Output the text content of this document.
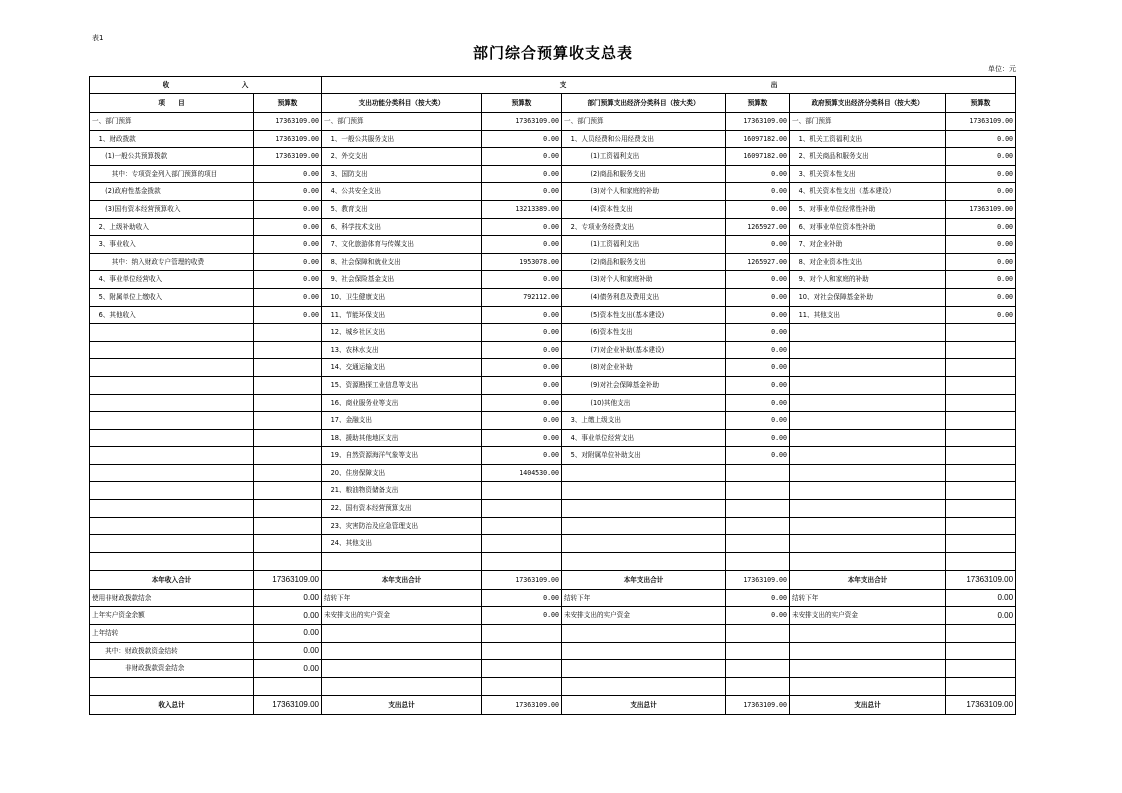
表1
部门综合预算收支总表
单位：元
收　　　　　　　　　　　入		支　　　　　　　　　　　　　　　　　　　　　　　　　　　　　　　出					
项　　目	预算数	支出功能分类科目（按大类）	预算数	部门预算支出经济分类科目（按大类）	预算数	政府预算支出经济分类科目（按大类）	预算数
一、部门预算	17363109.00	一、部门预算	17363109.00	一、部门预算	17363109.00	一、部门预算	17363109.00
　1、财政拨款	17363109.00	　1、一般公共服务支出	0.00	　1、人员经费和公用经费支出	16097182.00	　1、机关工资福利支出	0.00
　　(1)一般公共预算拨款	17363109.00	　2、外交支出	0.00	　　　　(1)工资福利支出	16097182.00	　2、机关商品和服务支出	0.00
　　　其中：专项资金列入部门预算的项目	0.00	　3、国防支出	0.00	　　　　(2)商品和服务支出	0.00	　3、机关资本性支出	0.00
　　(2)政府性基金拨款	0.00	　4、公共安全支出	0.00	　　　　(3)对个人和家庭的补助	0.00	　4、机关资本性支出（基本建设）	0.00
　　(3)国有资本经营预算收入	0.00	　5、教育支出	13213389.00	　　　　(4)资本性支出	0.00	　5、对事业单位经常性补助	17363109.00
　2、上级补助收入	0.00	　6、科学技术支出	0.00	　2、专项业务经费支出	1265927.00	　6、对事业单位资本性补助	0.00
　3、事业收入	0.00	　7、文化旅游体育与传媒支出	0.00	　　　　(1)工资福利支出	0.00	　7、对企业补助	0.00
　　　其中：纳入财政专户管理的收费	0.00	　8、社会保障和就业支出	1953078.00	　　　　(2)商品和服务支出	1265927.00	　8、对企业资本性支出	0.00
　4、事业单位经营收入	0.00	　9、社会保险基金支出	0.00	　　　　(3)对个人和家庭补助	0.00	　9、对个人和家庭的补助	0.00
　5、附属单位上缴收入	0.00	　10、卫生健康支出	792112.00	　　　　(4)债务利息及费用支出	0.00	　10、对社会保障基金补助	0.00
　6、其他收入	0.00	　11、节能环保支出	0.00	　　　　(5)资本性支出(基本建设)	0.00	　11、其他支出	0.00
		　12、城乡社区支出	0.00	　　　　(6)资本性支出	0.00		
		　13、农林水支出	0.00	　　　　(7)对企业补助(基本建设)	0.00		
		　14、交通运输支出	0.00	　　　　(8)对企业补助	0.00		
		　15、资源勘探工业信息等支出	0.00	　　　　(9)对社会保障基金补助	0.00		
		　16、商业服务业等支出	0.00	　　　　(10)其他支出	0.00		
		　17、金融支出	0.00	　3、上缴上级支出	0.00		
		　18、援助其他地区支出	0.00	　4、事业单位经营支出	0.00		
		　19、自然资源海洋气象等支出	0.00	　5、对附属单位补助支出	0.00		
		　20、住房保障支出	1404530.00				
		　21、粮油物资储备支出					
		　22、国有资本经营预算支出					
		　23、灾害防治及应急管理支出					
		　24、其他支出					

本年收入合计	17363109.00	本年支出合计	17363109.00	本年支出合计	17363109.00	本年支出合计	17363109.00
使用非财政拨款结余	0.00	结转下年	0.00	结转下年	0.00	结转下年	0.00
上年实户资金余额	0.00	未安排支出的实户资金	0.00	未安排支出的实户资金	0.00	未安排支出的实户资金	0.00
上年结转	0.00						
　　其中：财政拨款资金结转	0.00						
　　　　　非财政拨款资金结余	0.00						

收入总计	17363109.00	支出总计	17363109.00	支出总计	17363109.00	支出总计	17363109.00
